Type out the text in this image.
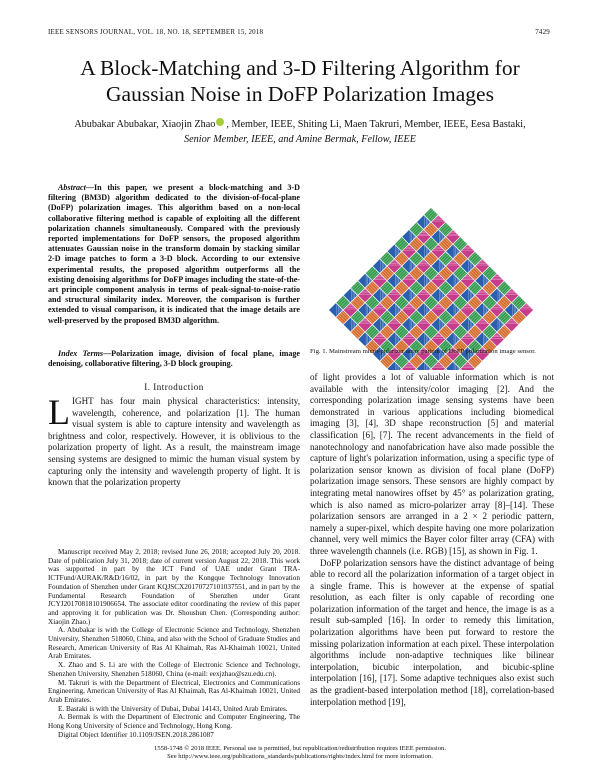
IEEE SENSORS JOURNAL, VOL. 18, NO. 18, SEPTEMBER 15, 2018	7429
A Block-Matching and 3-D Filtering Algorithm for Gaussian Noise in DoFP Polarization Images
Abubakar Abubakar, Xiaojin Zhao , Member, IEEE, Shiting Li, Maen Takruri, Member, IEEE, Eesa Bastaki,
Senior Member, IEEE, and Amine Bermak, Fellow, IEEE
Abstract—In this paper, we present a block-matching and 3-D filtering (BM3D) algorithm dedicated to the division-of-focal-plane (DoFP) polarization images. This algorithm based on a non-local collaborative filtering method is capable of exploiting all the different polarization channels simultaneously. Compared with the previously reported implementations for DoFP sensors, the proposed algorithm attenuates Gaussian noise in the transform domain by stacking similar 2-D image patches to form a 3-D block. According to our extensive experimental results, the proposed algorithm outperforms all the existing denoising algorithms for DoFP images including the state-of-the-art principle component analysis in terms of peak-signal-to-noise-ratio and structural similarity index. Moreover, the comparison is further extended to visual comparison, it is indicated that the image details are well-preserved by the proposed BM3D algorithm.
Index Terms—Polarization image, division of focal plane, image denoising, collaborative filtering, 3-D block grouping.
I. Introduction
LIGHT has four main physical characteristics: intensity, wavelength, coherence, and polarization [1]. The human visual system is able to capture intensity and wavelength as brightness and color, respectively. However, it is oblivious to the polarization property of light. As a result, the mainstream image sensing systems are designed to mimic the human visual system by capturing only the intensity and wavelength property of light. It is known that the polarization property

Manuscript received May 2, 2018; revised June 26, 2018; accepted July 20, 2018. Date of publication July 31, 2018; date of current version August 22, 2018. This work was supported in part by the ICT Fund of UAE under Grant TRA-ICTFund/AURAK/R&D/16/02, in part by the Kongque Technology Innovation Foundation of Shenzhen under Grant KQJSCX20170727101037551, and in part by the Fundamental Research Foundation of Shenzhen under Grant JCYJ20170818101906654. The associate editor coordinating the review of this paper and approving it for publication was Dr. Shoushun Chen. (Corresponding author: Xiaojin Zhao.)

A. Abubakar is with the College of Electronic Science and Technology, Shenzhen University, Shenzhen 518060, China, and also with the School of Graduate Studies and Research, American University of Ras Al Khaimah, Ras Al-Khaimah 10021, United Arab Emirates.

X. Zhao and S. Li are with the College of Electronic Science and Technology, Shenzhen University, Shenzhen 518060, China (e-mail: eexjzhao@szu.edu.cn).

M. Takruri is with the Department of Electrical, Electronics and Communications Engineering, American University of Ras Al Khaimah, Ras Al-Khaimah 10021, United Arab Emirates.

E. Bastaki is with the University of Dubai, Dubai 14143, United Arab Emirates.

A. Bermak is with the Department of Electronic and Computer Engineering, The Hong Kong University of Science and Technology, Hong Kong.

Digital Object Identifier 10.1109/JSEN.2018.2861087

Fig. 1. Mainstream micro-polarizer array pattern of DoFP polarization image sensor.

of light provides a lot of valuable information which is not available with the intensity/color imaging [2]. And the corresponding polarization image sensing systems have been demonstrated in various applications including biomedical imaging [3], [4], 3D shape reconstruction [5] and material classification [6], [7]. The recent advancements in the field of nanotechnology and nanofabrication have also made possible the capture of light's polarization information, using a specific type of polarization sensor known as division of focal plane (DoFP) polarization image sensors. These sensors are highly compact by integrating metal nanowires offset by 45° as polarization grating, which is also named as micro-polarizer array [8]–[14]. These polarization sensors are arranged in a 2 × 2 periodic pattern, namely a super-pixel, which despite having one more polarization channel, very well mimics the Bayer color filter array (CFA) with three wavelength channels (i.e. RGB) [15], as shown in Fig. 1.

DoFP polarization sensors have the distinct advantage of being able to record all the polarization information of a target object in a single frame. This is however at the expense of spatial resolution, as each filter is only capable of recording one polarization information of the target and hence, the image is as a result sub-sampled [16]. In order to remedy this limitation, polarization algorithms have been put forward to restore the missing polarization information at each pixel. These interpolation algorithms include non-adaptive techniques like bilinear interpolation, bicubic interpolation, and bicubic-spline interpolation [16], [17]. Some adaptive techniques also exist such as the gradient-based interpolation method [18], correlation-based interpolation method [19],

1558-1748 © 2018 IEEE. Personal use is permitted, but republication/redistribution requires IEEE permission.
See http://www.ieee.org/publications_standards/publications/rights/index.html for more information.
